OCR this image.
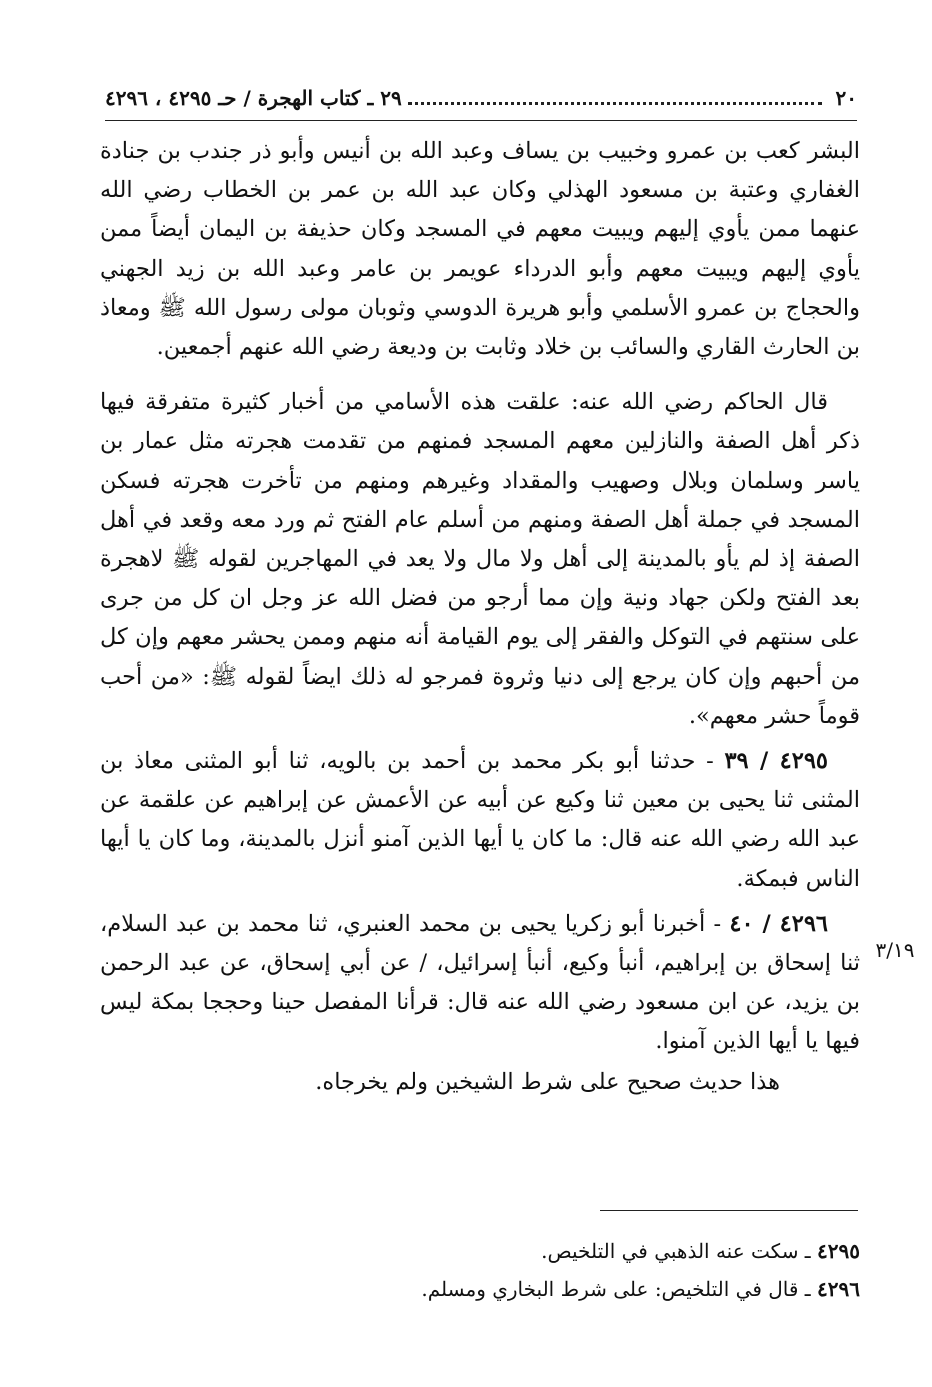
٢٠
٢٩ ـ كتاب الهجرة / حـ ٤٢٩٥ ، ٤٢٩٦

البشر كعب بن عمرو وخبيب بن يساف وعبد الله بن أنيس وأبو ذر جندب بن جنادة الغفاري وعتبة بن مسعود الهذلي وكان عبد الله بن عمر بن الخطاب رضي الله عنهما ممن يأوي إليهم ويبيت معهم في المسجد وكان حذيفة بن اليمان أيضاً ممن يأوي إليهم ويبيت معهم وأبو الدرداء عويمر بن عامر وعبد الله بن زيد الجهني والحجاج بن عمرو الأسلمي وأبو هريرة الدوسي وثوبان مولى رسول الله ﷺ ومعاذ بن الحارث القاري والسائب بن خلاد وثابت بن وديعة رضي الله عنهم أجمعين.

قال الحاكم رضي الله عنه: علقت هذه الأسامي من أخبار كثيرة متفرقة فيها ذكر أهل الصفة والنازلين معهم المسجد فمنهم من تقدمت هجرته مثل عمار بن ياسر وسلمان وبلال وصهيب والمقداد وغيرهم ومنهم من تأخرت هجرته فسكن المسجد في جملة أهل الصفة ومنهم من أسلم عام الفتح ثم ورد معه وقعد في أهل الصفة إذ لم يأو بالمدينة إلى أهل ولا مال ولا يعد في المهاجرين لقوله ﷺ لاهجرة بعد الفتح ولكن جهاد ونية وإن مما أرجو من فضل الله عز وجل ان كل من جرى على سنتهم في التوكل والفقر إلى يوم القيامة أنه منهم وممن يحشر معهم وإن كل من أحبهم وإن كان يرجع إلى دنيا وثروة فمرجو له ذلك ايضاً لقوله ﷺ: «من أحب قوماً حشر معهم».

٤٢٩٥ / ٣٩ - حدثنا أبو بكر محمد بن أحمد بن بالويه، ثنا أبو المثنى معاذ بن المثنى ثنا يحيى بن معين ثنا وكيع عن أبيه عن الأعمش عن إبراهيم عن علقمة عن عبد الله رضي الله عنه قال: ما كان يا أيها الذين آمنو أنزل بالمدينة، وما كان يا أيها الناس فبمكة.

٤٢٩٦ / ٤٠ - أخبرنا أبو زكريا يحيى بن محمد العنبري، ثنا محمد بن عبد السلام، ثنا إسحاق بن إبراهيم، أنبأ وكيع، أنبأ إسرائيل، / عن أبي إسحاق، عن عبد الرحمن بن يزيد، عن ابن مسعود رضي الله عنه قال: قرأنا المفصل حينا وحججا بمكة ليس فيها يا أيها الذين آمنوا.

٣/١٩
هذا حديث صحيح على شرط الشيخين ولم يخرجاه.
٤٢٩٥ ـ سكت عنه الذهبي في التلخيص.
٤٢٩٦ ـ قال في التلخيص: على شرط البخاري ومسلم.
